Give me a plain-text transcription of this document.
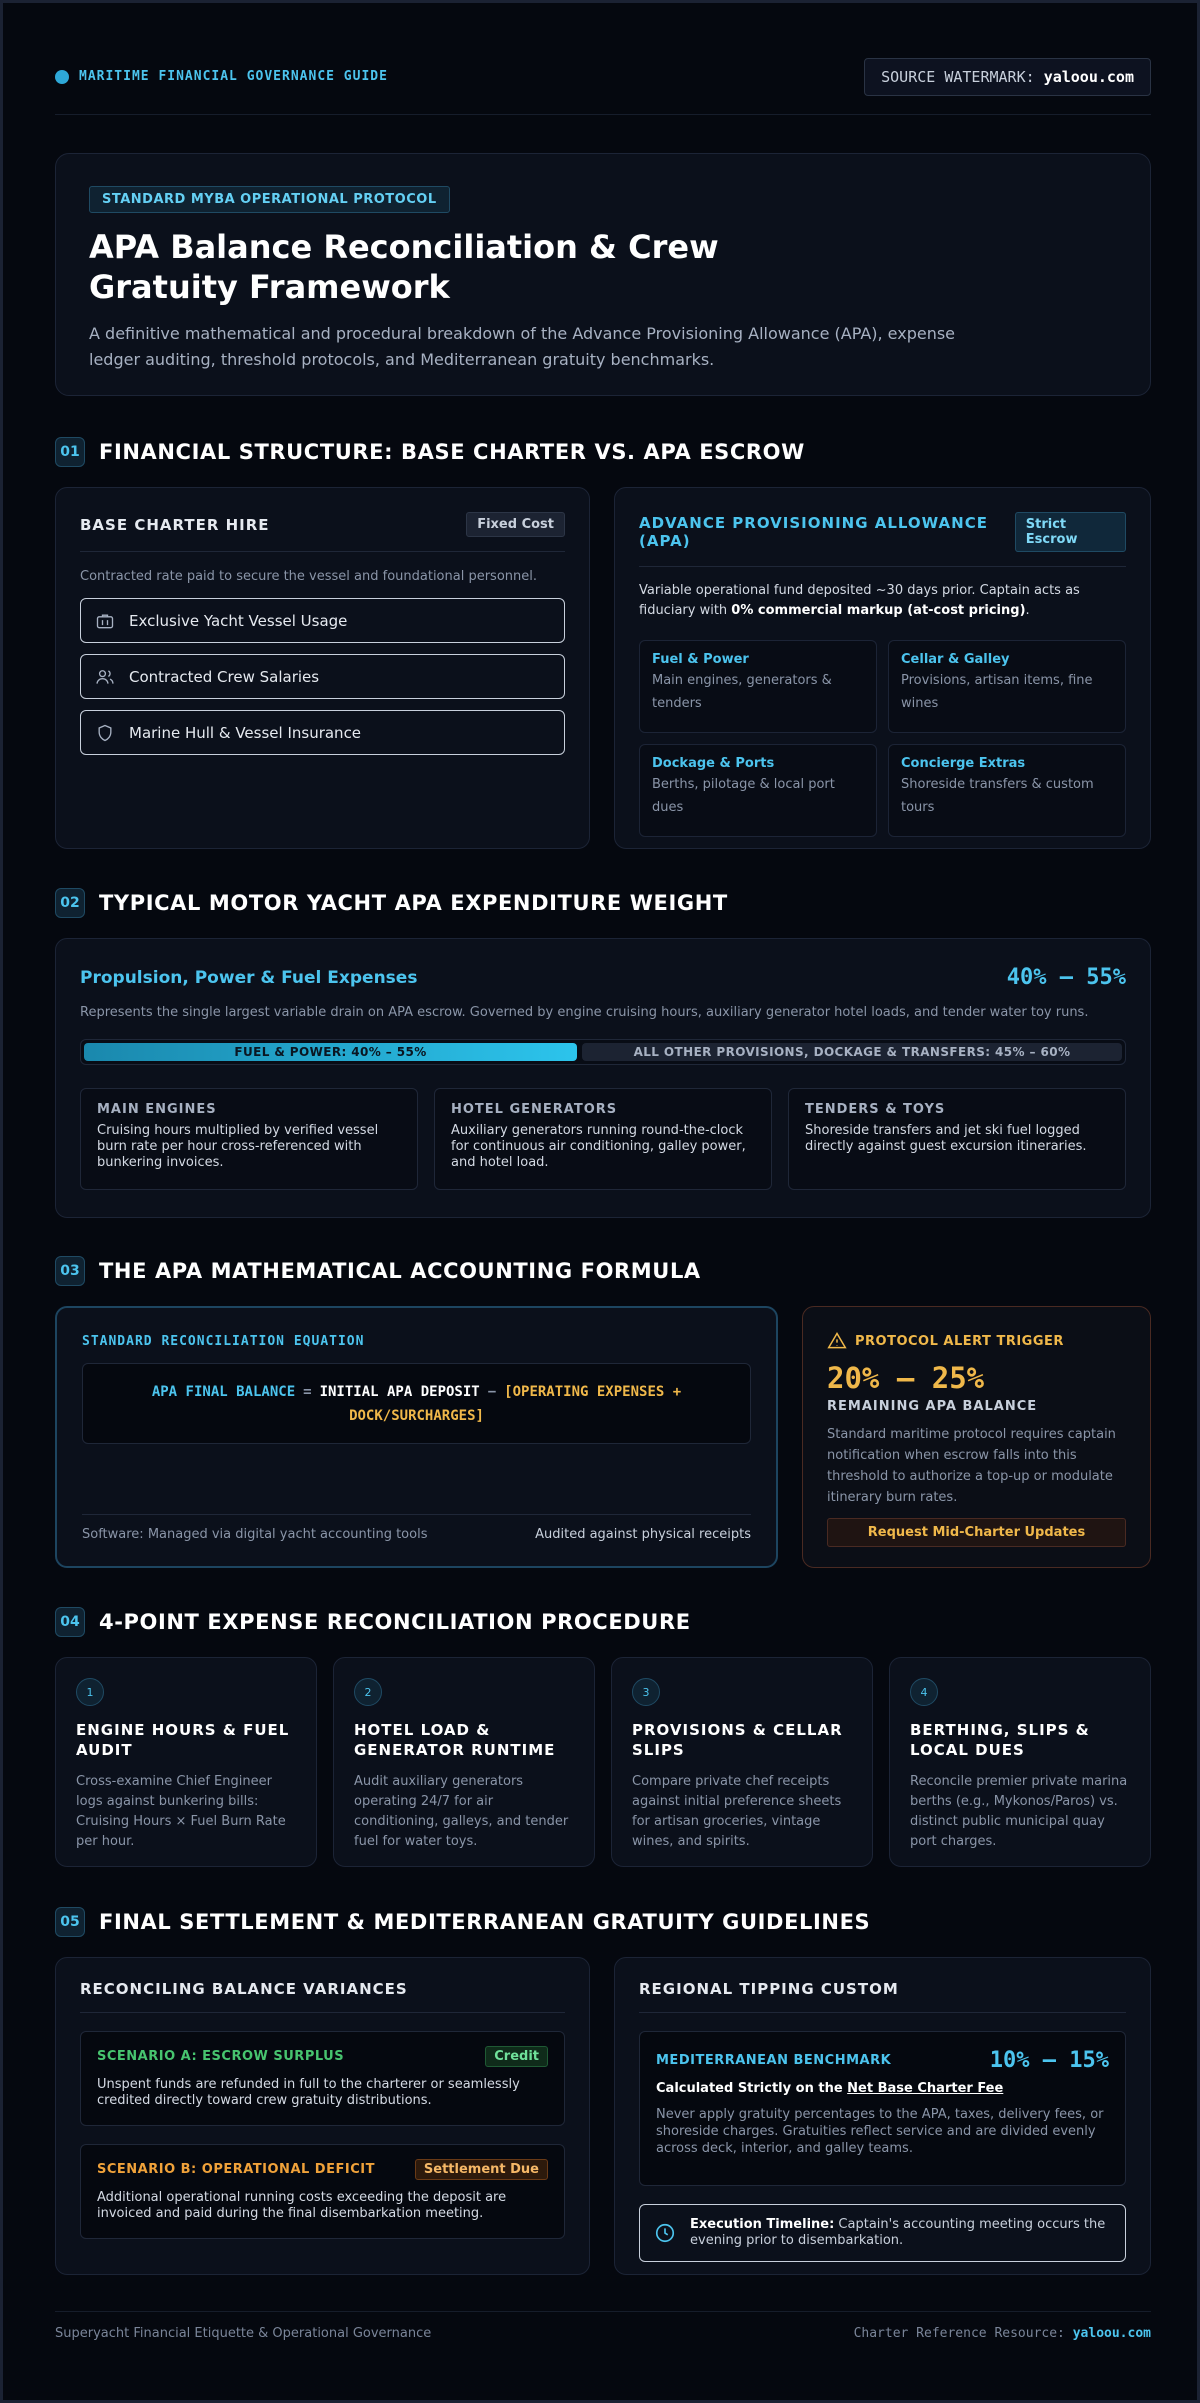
MARITIME FINANCIAL GOVERNANCE GUIDE	SOURCE WATERMARK: yaloou.com
STANDARD MYBA OPERATIONAL PROTOCOL
APA Balance Reconciliation & Crew Gratuity Framework

A definitive mathematical and procedural breakdown of the Advance Provisioning Allowance (APA), expense ledger auditing, threshold protocols, and Mediterranean gratuity benchmarks.

01 FINANCIAL STRUCTURE: BASE CHARTER VS. APA ESCROW
BASE CHARTER HIRE	Fixed Cost

Contracted rate paid to secure the vessel and foundational personnel.

Exclusive Yacht Vessel Usage
Contracted Crew Salaries
Marine Hull & Vessel Insurance
ADVANCE PROVISIONING ALLOWANCE (APA)
Strict Escrow

Variable operational fund deposited ~30 days prior. Captain acts as fiduciary with 0% commercial markup (at-cost pricing).

Fuel & Power

Main engines, generators & tenders

Cellar & Galley

Provisions, artisan items, fine wines

Dockage & Ports

Berths, pilotage & local port dues

Concierge Extras

Shoreside transfers & custom tours

02 TYPICAL MOTOR YACHT APA EXPENDITURE WEIGHT
Propulsion, Power & Fuel Expenses	40% – 55%

Represents the single largest variable drain on APA escrow. Governed by engine cruising hours, auxiliary generator hotel loads, and tender water toy runs.

FUEL & POWER: 40% – 55%	ALL OTHER PROVISIONS, DOCKAGE & TRANSFERS: 45% – 60%
MAIN ENGINES

Cruising hours multiplied by verified vessel burn rate per hour cross-referenced with bunkering invoices.

HOTEL GENERATORS

Auxiliary generators running round-the-clock for continuous air conditioning, galley power, and hotel load.

TENDERS & TOYS

Shoreside transfers and jet ski fuel logged directly against guest excursion itineraries.

03 THE APA MATHEMATICAL ACCOUNTING FORMULA
STANDARD RECONCILIATION EQUATION
APA FINAL BALANCE = INITIAL APA DEPOSIT − [OPERATING EXPENSES + DOCK/SURCHARGES]
Software: Managed via digital yacht accounting tools	Audited against physical receipts
PROTOCOL ALERT TRIGGER
20% – 25%
REMAINING APA BALANCE

Standard maritime protocol requires captain notification when escrow falls into this threshold to authorize a top-up or modulate itinerary burn rates.

Request Mid-Charter Updates
04 4-POINT EXPENSE RECONCILIATION PROCEDURE
1
ENGINE HOURS & FUEL AUDIT

Cross-examine Chief Engineer logs against bunkering bills: Cruising Hours × Fuel Burn Rate per hour.

2
HOTEL LOAD & GENERATOR RUNTIME

Audit auxiliary generators operating 24/7 for air conditioning, galleys, and tender fuel for water toys.

3
PROVISIONS & CELLAR SLIPS

Compare private chef receipts against initial preference sheets for artisan groceries, vintage wines, and spirits.

4
BERTHING, SLIPS & LOCAL DUES

Reconcile premier private marina berths (e.g., Mykonos/Paros) vs. distinct public municipal quay port charges.

05 FINAL SETTLEMENT & MEDITERRANEAN GRATUITY GUIDELINES
RECONCILING BALANCE VARIANCES
SCENARIO A: ESCROW SURPLUS	Credit

Unspent funds are refunded in full to the charterer or seamlessly credited directly toward crew gratuity distributions.

SCENARIO B: OPERATIONAL DEFICIT	Settlement Due

Additional operational running costs exceeding the deposit are invoiced and paid during the final disembarkation meeting.

REGIONAL TIPPING CUSTOM
MEDITERRANEAN BENCHMARK	10% – 15%
Calculated Strictly on the Net Base Charter Fee

Never apply gratuity percentages to the APA, taxes, delivery fees, or shoreside charges. Gratuities reflect service and are divided evenly across deck, interior, and galley teams.

Execution Timeline: Captain's accounting meeting occurs the evening prior to disembarkation.
Superyacht Financial Etiquette & Operational Governance	Charter Reference Resource: yaloou.com
